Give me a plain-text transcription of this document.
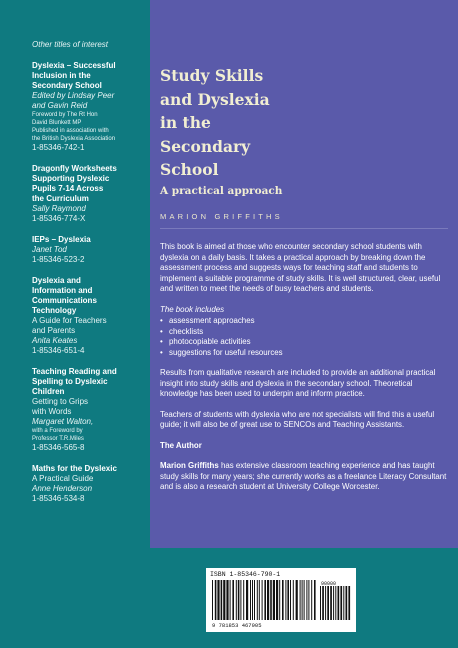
Other titles of interest
Dyslexia – Successful
Inclusion in the
Secondary School
Edited by Lindsay Peer
and Gavin Reid
Foreword by The Rt Hon
David Blunkett MP
Published in association with
the British Dyslexia Association
1-85346-742-1
Dragonfly Worksheets
Supporting Dyslexic
Pupils 7-14 Across
the Curriculum
Sally Raymond
1-85346-774-X
IEPs – Dyslexia
Janet Tod
1-85346-523-2
Dyslexia and
Information and
Communications
Technology
A Guide for Teachers
and Parents
Anita Keates
1-85346-651-4
Teaching Reading and
Spelling to Dyslexic
Children
Getting to Grips
with Words
Margaret Walton,
with a Foreword by
Professor T.R.Miles
1-85346-565-8
Maths for the Dyslexic
A Practical Guide
Anne Henderson
1-85346-534-8
Study Skills
and Dyslexia
in the
Secondary
School
A practical approach
MARION GRIFFITHS

This book is aimed at those who encounter secondary school students with dyslexia on a daily basis. It takes a practical approach by breaking down the assessment process and suggests ways for teaching staff and students to implement a suitable programme of study skills. It is well structured, clear, useful and written to meet the needs of busy teachers and students.

The book includes

• assessment approaches
• checklists
• photocopiable activities
• suggestions for useful resources

Results from qualitative research are included to provide an additional practical insight into study skills and dyslexia in the secondary school. Theoretical knowledge has been used to underpin and inform practice.

Teachers of students with dyslexia who are not specialists will find this a useful guide; it will also be of great use to SENCOs and Teaching Assistants.

The Author

Marion Griffiths has extensive classroom teaching experience and has taught study skills for many years; she currently works as a freelance Literacy Consultant and is also a research student at University College Worcester.

ISBN 1-85346-790-1
90000
9 781853 467905
